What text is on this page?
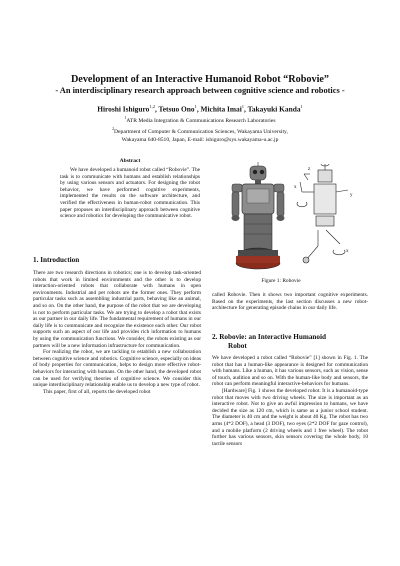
Development of an Interactive Humanoid Robot “Robovie”
- An interdisciplinary research approach between cognitive science and robotics -
Hiroshi Ishiguro$^{1,2}$, Tetsuo Ono$^1$, Michita Imai$^1$, Takayuki Kanda$^1$
$^1$ATR Media Integration & Communications Research Laboratories
$^2$Department of Computer & Communication Sciences, Wakayama University,
Wakayama 640-8510, Japan, E-mail: ishiguro@sys.wakayama-u.ac.jp
Abstract

We have developed a humanoid robot called “Robovie”. The task is to communicate with humans and establish relationships by using various sensors and actuators. For designing the robot behavior, we have performed cognitive experiments, implemented the results on the software architecture, and verified the effectiveness in human-robot communication. This paper proposes an interdisciplinary approach between cognitive science and robotics for developing the communicative robot.

1. Introduction

There are two research directions in robotics; one is to develop task-oriented robots that work in limited environments and the other is to develop interaction-oriented robots that collaborate with humans in open environments. Industrial and pet robots are the former ones. They perform particular tasks such as assembling industrial parts, behaving like an animal, and so on. On the other hand, the purpose of the robot that we are developing is not to perform particular tasks. We are trying to develop a robot that exists as our partner in our daily life. The fundamental requirement of humans in our daily life is to communicate and recognize the existence each other. Our robot supports such an aspect of our life and provides rich information to humans by using the communication functions. We consider, the robots existing as our partners will be a new information infrastructure for communication.

For realizing the robot, we are tackling to establish a new collaboration between cognitive science and robotics. Cognitive science, especially on ideas of body properties for communication, helps to design more effective robot-behaviors for interacting with humans. On the other hand, the developed robot can be used for verifying theories of cognitive science. We consider this unique interdisciplinary relationship enable us to develop a new type of robot.

This paper, first of all, reports the developed robot

z
x
y
x
Figure 1: Robovie

called Robovie. Then it shows two important cognitive experiments. Based on the experiments, the last section discusses a new robot-architecture for generating episode chains in our daily life.

2. Robovie: an Interactive Humanoid
Robot

We have developed a robot called “Robovie” [1] shown in Fig. 1. The robot that has a human-like appearance is designed for communication with humans. Like a human, it has various sensors, such as vision, sense of touch, audition and so on. With the human-like body and sensors, the robot can perform meaningful interactive-behaviors for humans.

[Hardware] Fig. 1 shows the developed robot. It is a humanoid-type robot that moves with two driving wheels. The size is important as an interactive robot. Not to give an awful impression to humans, we have decided the size as 120 cm, which is same as a junior school student. The diameter is 40 cm and the weight is about 40 Kg. The robot has two arms (4*2 DOF), a head (3 DOF), two eyes (2*2 DOF for gaze control), and a mobile platform (2 driving wheels and 1 free wheel). The robot further has various sensors, skin sensors covering the whole body, 10 tactile sensors
